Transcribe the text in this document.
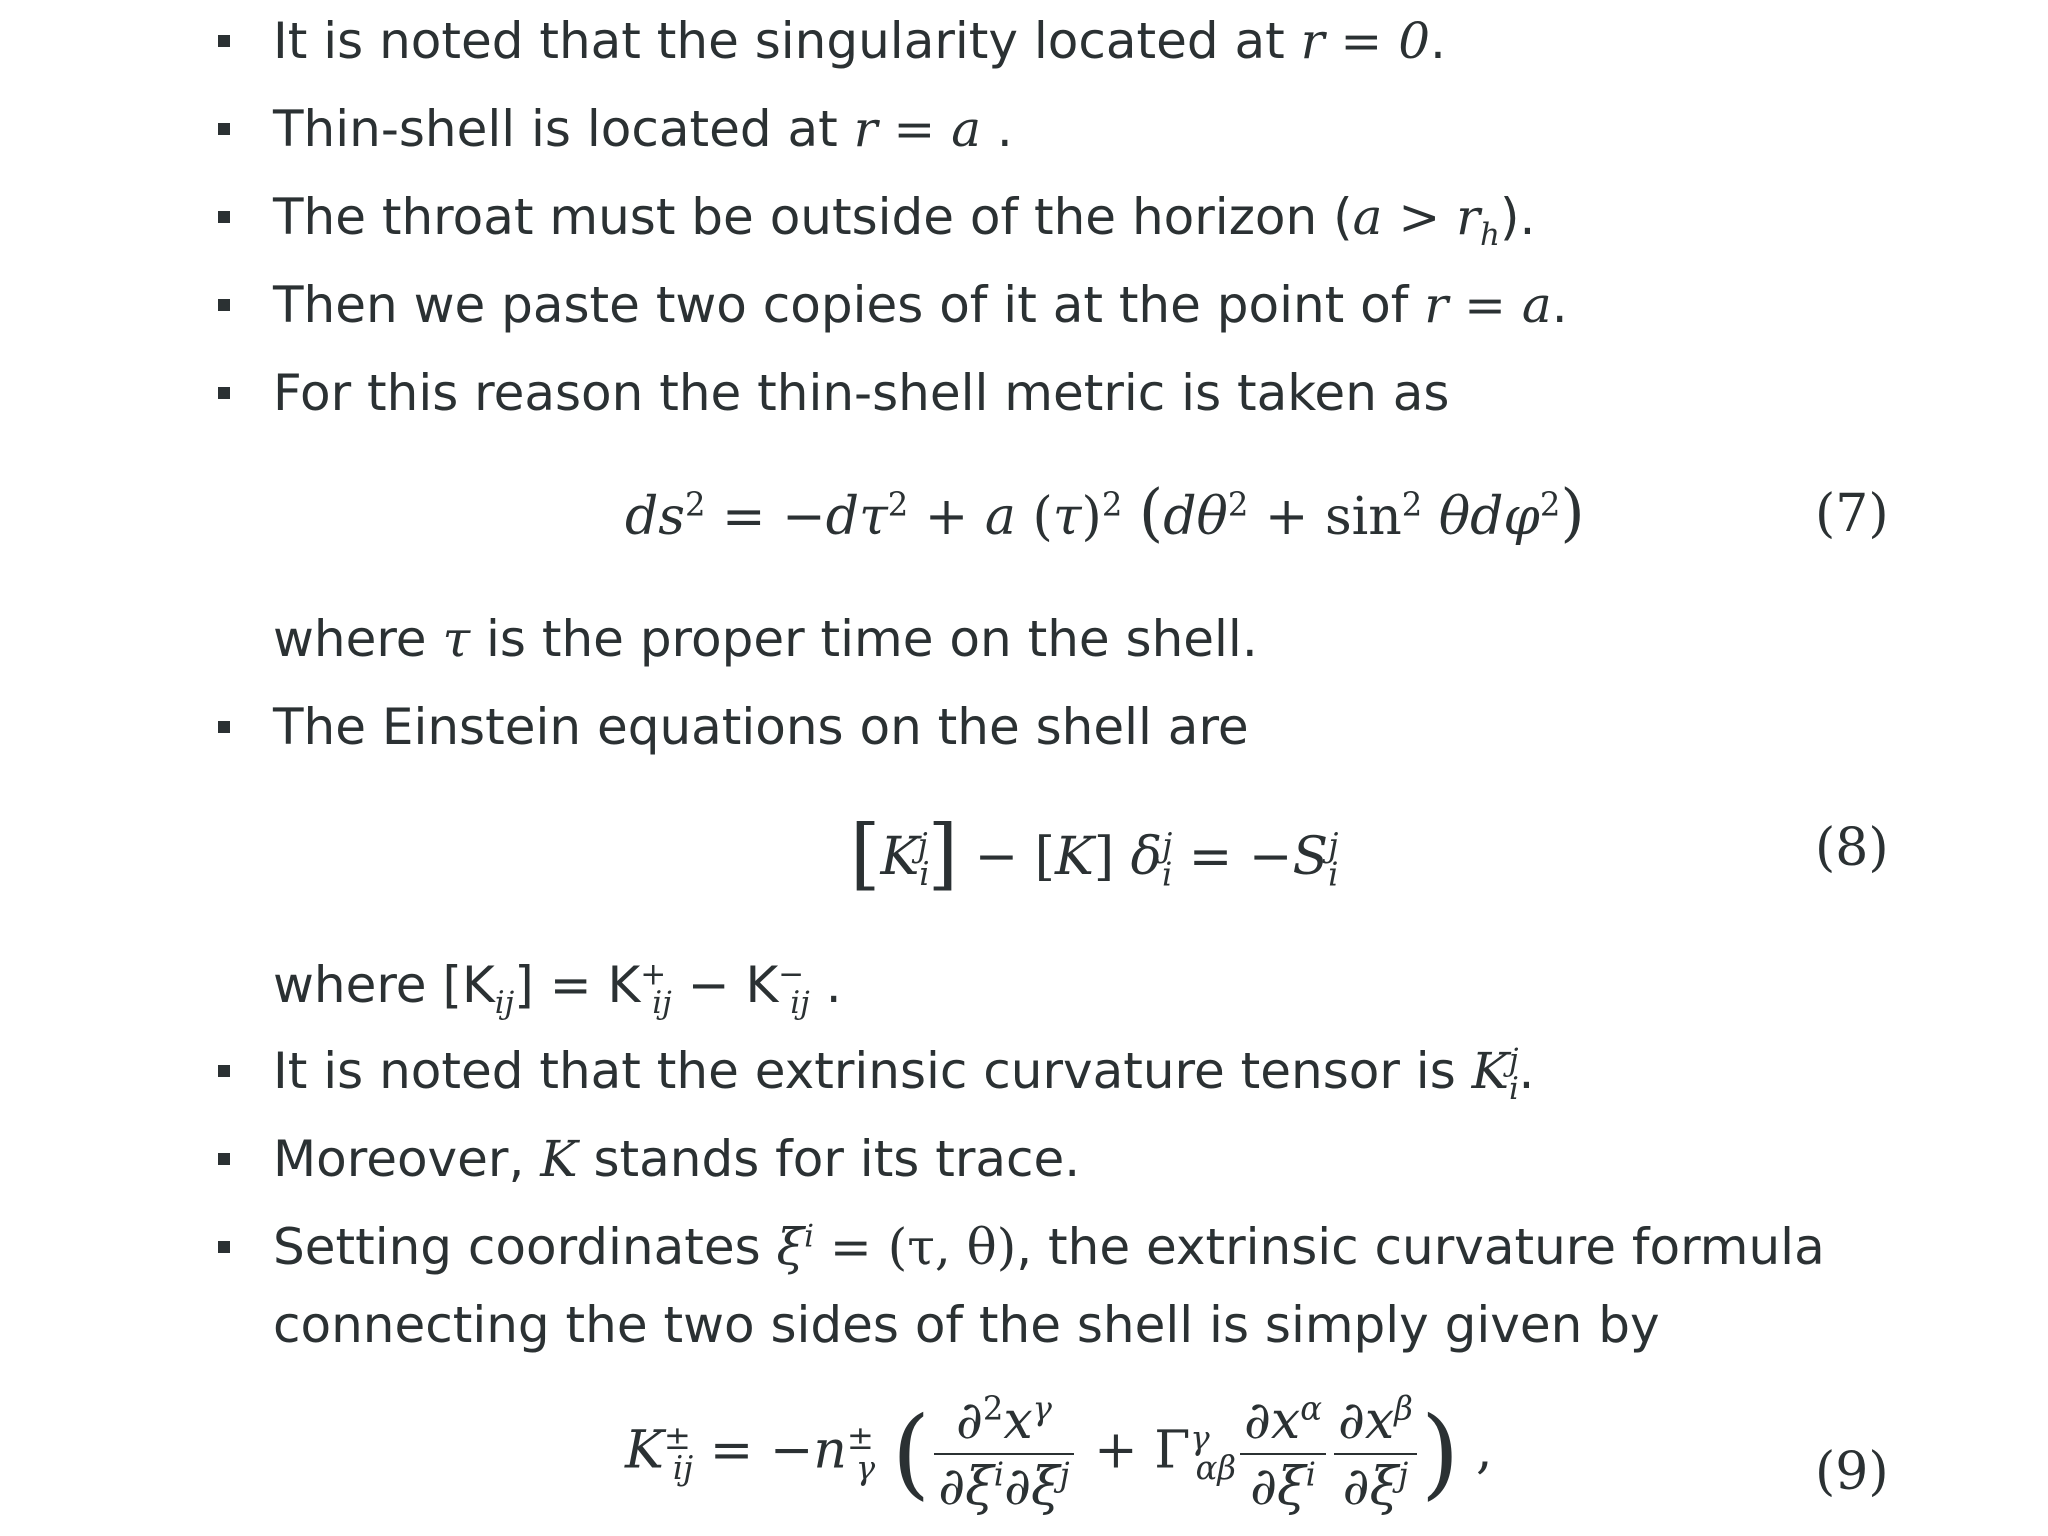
It is noted that the singularity located at r = 0.
Thin-shell is located at r = a .
The throat must be outside of the horizon $(a > r_h)$.
Then we paste two copies of it at the point of r = a.
For this reason the thin-shell metric is taken as
$ds^2 = -d\tau^2 + a$ $(\tau)^2$ $(d\theta^2 + \sin^2 \theta d\varphi^2)$	(7)
where τ is the proper time on the shell.
The Einstein equations on the shell are
$[K_i^j] - [K] \delta_i^j = -S_i^j$	(8)
where $[K_{ij}] = K^+_{ij} - K^-_{ij}$ .
It is noted that the extrinsic curvature tensor is $K_i^j$.
Moreover, K stands for its trace.
Setting coordinates $\xi^i = (\tau$, θ), the extrinsic curvature formula
connecting the two sides of the shell is simply given by
$K^\pm_{ij} = -n^\pm_\gamma$ ( $\frac{\partial^2x^\gamma}{\partial\xi^i\partial\xi^j} + \Gamma^\gamma_{\alpha\beta} \frac{\partial x^\alpha}{\partial\xi^i} \frac{\partial x^\beta}{\partial\xi^j}$ ) ,	(9)
